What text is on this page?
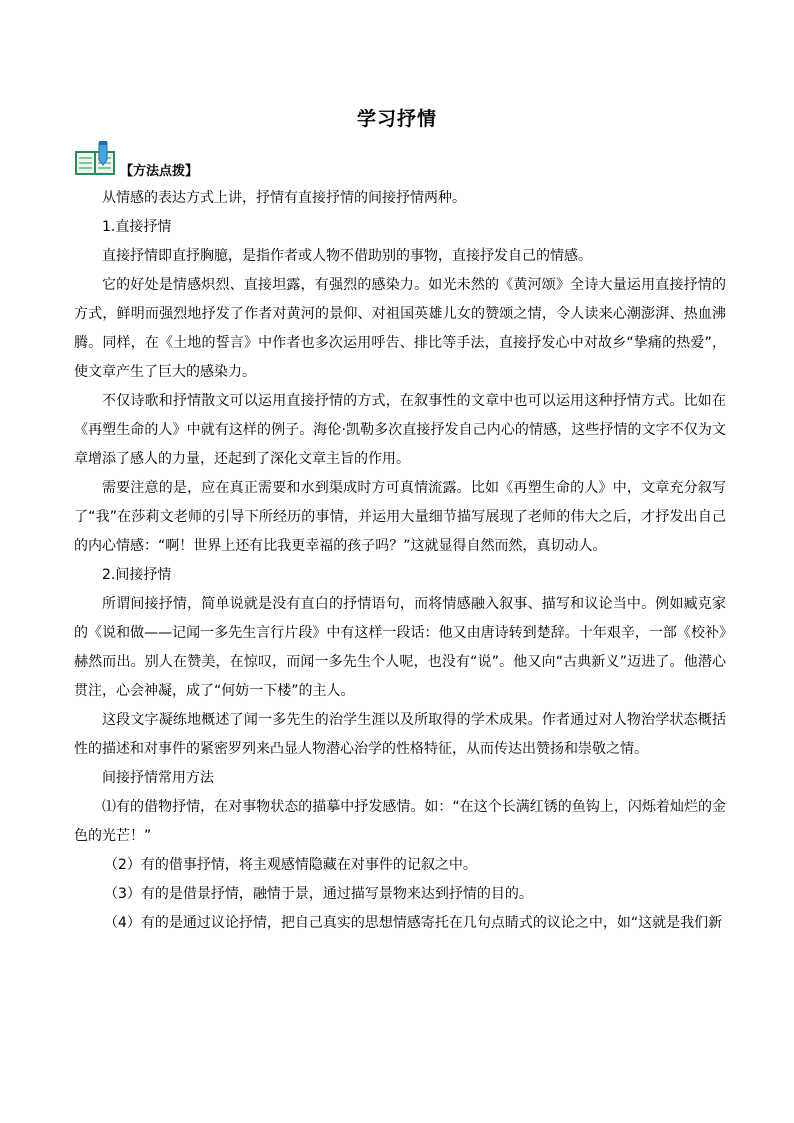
学习抒情
【方法点拨】

从情感的表达方式上讲，抒情有直接抒情的间接抒情两种。

1.直接抒情

直接抒情即直抒胸臆，是指作者或人物不借助别的事物，直接抒发自己的情感。

它的好处是情感炽烈、直接坦露，有强烈的感染力。如光未然的《黄河颂》全诗大量运用直接抒情的方式，鲜明而强烈地抒发了作者对黄河的景仰、对祖国英雄儿女的赞颂之情，令人读来心潮澎湃、热血沸腾。同样，在《土地的誓言》中作者也多次运用呼告、排比等手法，直接抒发心中对故乡“挚痛的热爱”，使文章产生了巨大的感染力。

不仅诗歌和抒情散文可以运用直接抒情的方式，在叙事性的文章中也可以运用这种抒情方式。比如在《再塑生命的人》中就有这样的例子。海伦·凯勒多次直接抒发自己内心的情感，这些抒情的文字不仅为文章增添了感人的力量，还起到了深化文章主旨的作用。

需要注意的是，应在真正需要和水到渠成时方可真情流露。比如《再塑生命的人》中，文章充分叙写了“我”在莎莉文老师的引导下所经历的事情，并运用大量细节描写展现了老师的伟大之后，才抒发出自己的内心情感：“啊！世界上还有比我更幸福的孩子吗？”这就显得自然而然，真切动人。

2.间接抒情

所谓间接抒情，简单说就是没有直白的抒情语句，而将情感融入叙事、描写和议论当中。例如臧克家的《说和做——记闻一多先生言行片段》中有这样一段话：他又由唐诗转到楚辞。十年艰辛，一部《校补》赫然而出。别人在赞美，在惊叹，而闻一多先生个人呢，也没有“说”。他又向“古典新义”迈进了。他潜心贯注，心会神凝，成了“何妨一下楼”的主人。

这段文字凝练地概述了闻一多先生的治学生涯以及所取得的学术成果。作者通过对人物治学状态概括性的描述和对事件的紧密罗列来凸显人物潜心治学的性格特征，从而传达出赞扬和崇敬之情。

间接抒情常用方法

⑴有的借物抒情，在对事物状态的描摹中抒发感情。如：“在这个长满红锈的鱼钩上，闪烁着灿烂的金色的光芒！”

（2）有的借事抒情，将主观感情隐藏在对事件的记叙之中。

（3）有的是借景抒情，融情于景，通过描写景物来达到抒情的目的。

（4）有的是通过议论抒情，把自己真实的思想情感寄托在几句点睛式的议论之中，如“这就是我们新
